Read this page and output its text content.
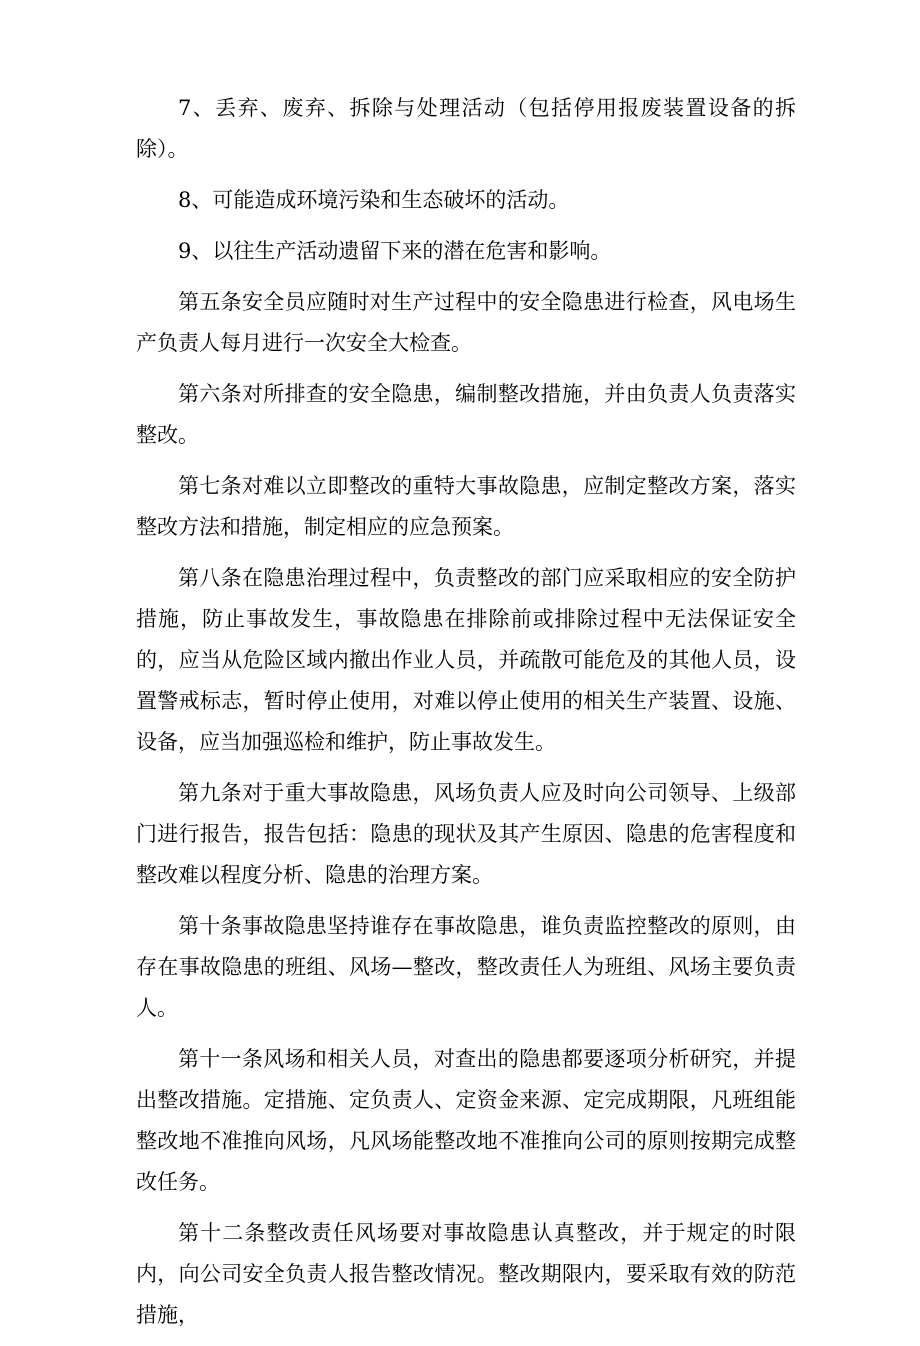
7、丢弃、废弃、拆除与处理活动（包括停用报废装置设备的拆除）。

8、可能造成环境污染和生态破坏的活动。

9、以往生产活动遗留下来的潜在危害和影响。

第五条安全员应随时对生产过程中的安全隐患进行检查，风电场生产负责人每月进行一次安全大检查。

第六条对所排查的安全隐患，编制整改措施，并由负责人负责落实整改。

第七条对难以立即整改的重特大事故隐患，应制定整改方案，落实整改方法和措施，制定相应的应急预案。

第八条在隐患治理过程中，负责整改的部门应采取相应的安全防护措施，防止事故发生，事故隐患在排除前或排除过程中无法保证安全的，应当从危险区域内撤出作业人员，并疏散可能危及的其他人员，设置警戒标志，暂时停止使用，对难以停止使用的相关生产装置、设施、设备，应当加强巡检和维护，防止事故发生。

第九条对于重大事故隐患，风场负责人应及时向公司领导、上级部门进行报告，报告包括：隐患的现状及其产生原因、隐患的危害程度和整改难以程度分析、隐患的治理方案。

第十条事故隐患坚持谁存在事故隐患，谁负责监控整改的原则，由存在事故隐患的班组、风场—整改，整改责任人为班组、风场主要负责人。

第十一条风场和相关人员，对查出的隐患都要逐项分析研究，并提出整改措施。定措施、定负责人、定资金来源、定完成期限，凡班组能整改地不准推向风场，凡风场能整改地不准推向公司的原则按期完成整改任务。

第十二条整改责任风场要对事故隐患认真整改，并于规定的时限内，向公司安全负责人报告整改情况。整改期限内，要采取有效的防范措施，
